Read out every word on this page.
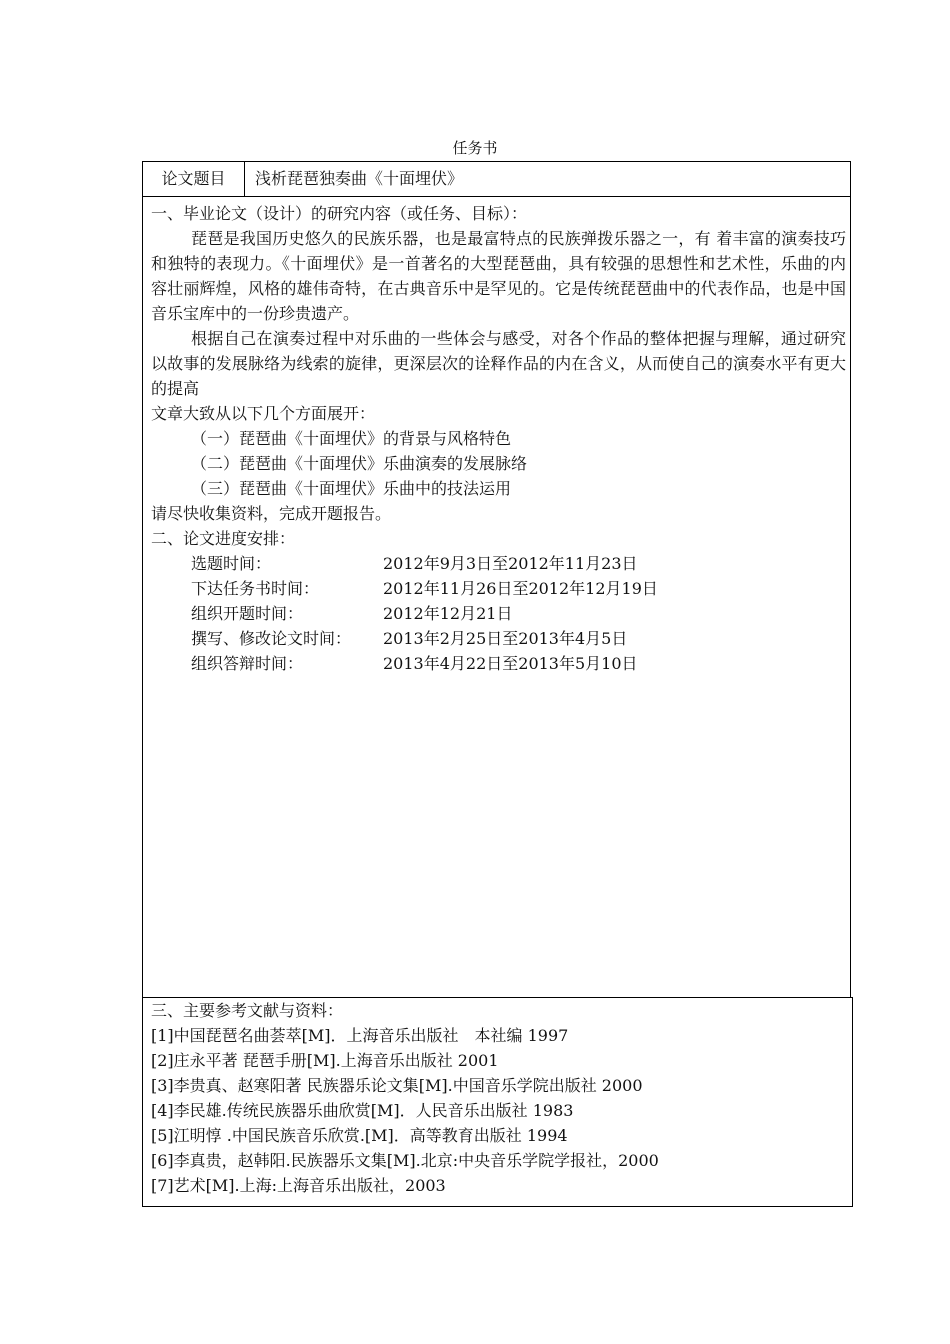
任务书
论文题目	浅析琵琶独奏曲《十面埋伏》
一、毕业论文（设计）的研究内容（或任务、目标）：
琵琶是我国历史悠久的民族乐器，也是最富特点的民族弹拨乐器之一，有 着丰富的演奏技巧和独特的表现力。《十面埋伏》是一首著名的大型琵琶曲，具有较强的思想性和艺术性，乐曲的内容壮丽辉煌，风格的雄伟奇特，在古典音乐中是罕见的。它是传统琵琶曲中的代表作品，也是中国音乐宝库中的一份珍贵遗产。
根据自己在演奏过程中对乐曲的一些体会与感受，对各个作品的整体把握与理解，通过研究以故事的发展脉络为线索的旋律，更深层次的诠释作品的内在含义，从而使自己的演奏水平有更大的提高
文章大致从以下几个方面展开：
（一）琵琶曲《十面埋伏》的背景与风格特色
（二）琵琶曲《十面埋伏》乐曲演奏的发展脉络
（三）琵琶曲《十面埋伏》乐曲中的技法运用
请尽快收集资料，完成开题报告。
二、论文进度安排：
选题时间：	2012年9月3日至2012年11月23日
下达任务书时间：	2012年11月26日至2012年12月19日
组织开题时间：	2012年12月21日
撰写、修改论文时间： 2013年2月25日至2013年4月5日
组织答辩时间：	2013年4月22日至2013年5月10日
三、主要参考文献与资料：
[1]中国琵琶名曲荟萃[M]．上海音乐出版社　本社编 1997
[2]庄永平著 琵琶手册[M].上海音乐出版社 2001
[3]李贵真、赵寒阳著 民族器乐论文集[M].中国音乐学院出版社 2000
[4]李民雄.传统民族器乐曲欣赏[M]．人民音乐出版社 1983
[5]江明惇 .中国民族音乐欣赏.[M]．高等教育出版社 1994
[6]李真贵，赵韩阳.民族器乐文集[M].北京:中央音乐学院学报社，2000
[7]艺术[M].上海:上海音乐出版社，2003
